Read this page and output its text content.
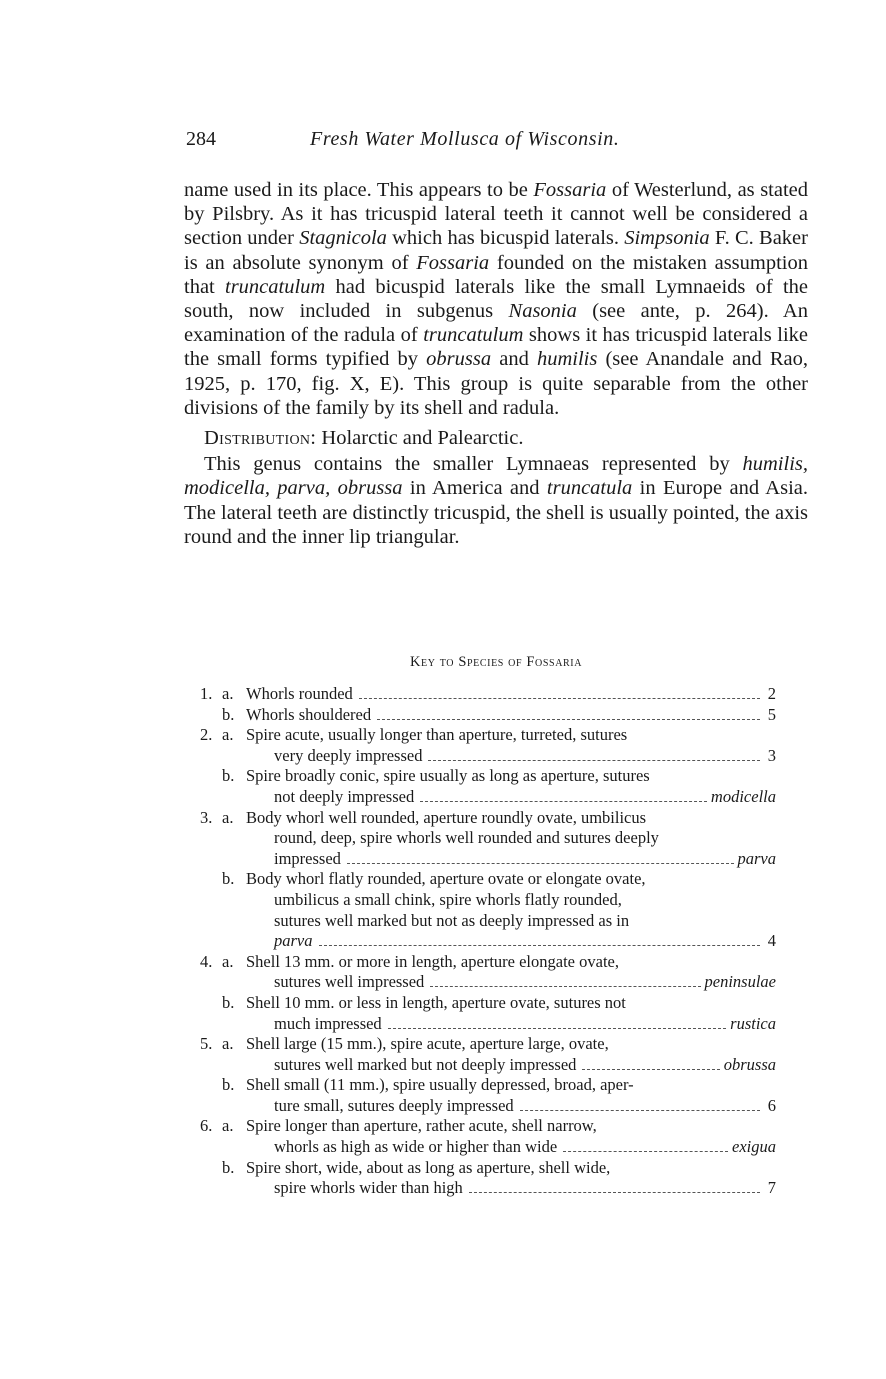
284	Fresh Water Mollusca of Wisconsin.

name used in its place. This appears to be Fossaria of Westerlund, as stated by Pilsbry. As it has tricuspid lateral teeth it cannot well be considered a section under Stagnicola which has bicuspid laterals. Simpsonia F. C. Baker is an absolute synonym of Fossaria founded on the mistaken assumption that truncatulum had bicuspid laterals like the small Lymnaeids of the south, now included in subgenus Nasonia (see ante, p. 264). An examination of the radula of truncatulum shows it has tricuspid laterals like the small forms typified by obrussa and humilis (see Anandale and Rao, 1925, p. 170, fig. X, E). This group is quite separable from the other divisions of the family by its shell and radula.

Distribution: Holarctic and Palearctic.

This genus contains the smaller Lymnaeas represented by humilis, modicella, parva, obrussa in America and truncatula in Europe and Asia. The lateral teeth are distinctly tricuspid, the shell is usually pointed, the axis round and the inner lip triangular.

Key to Species of Fossaria
1. a. Whorls rounded	2
b. Whorls shouldered	5
2. a. Spire acute, usually longer than aperture, turreted, sutures
very deeply impressed	3
b. Spire broadly conic, spire usually as long as aperture, sutures
not deeply impressed	modicella
3. a. Body whorl well rounded, aperture roundly ovate, umbilicus
round, deep, spire whorls well rounded and sutures deeply
impressed	parva
b. Body whorl flatly rounded, aperture ovate or elongate ovate,
umbilicus a small chink, spire whorls flatly rounded,
sutures well marked but not as deeply impressed as in
parva	4
4. a. Shell 13 mm. or more in length, aperture elongate ovate,
sutures well impressed	peninsulae
b. Shell 10 mm. or less in length, aperture ovate, sutures not
much impressed	rustica
5. a. Shell large (15 mm.), spire acute, aperture large, ovate,
sutures well marked but not deeply impressed	obrussa
b. Shell small (11 mm.), spire usually depressed, broad, aper-
ture small, sutures deeply impressed	6
6. a. Spire longer than aperture, rather acute, shell narrow,
whorls as high as wide or higher than wide	exigua
b. Spire short, wide, about as long as aperture, shell wide,
spire whorls wider than high	7
